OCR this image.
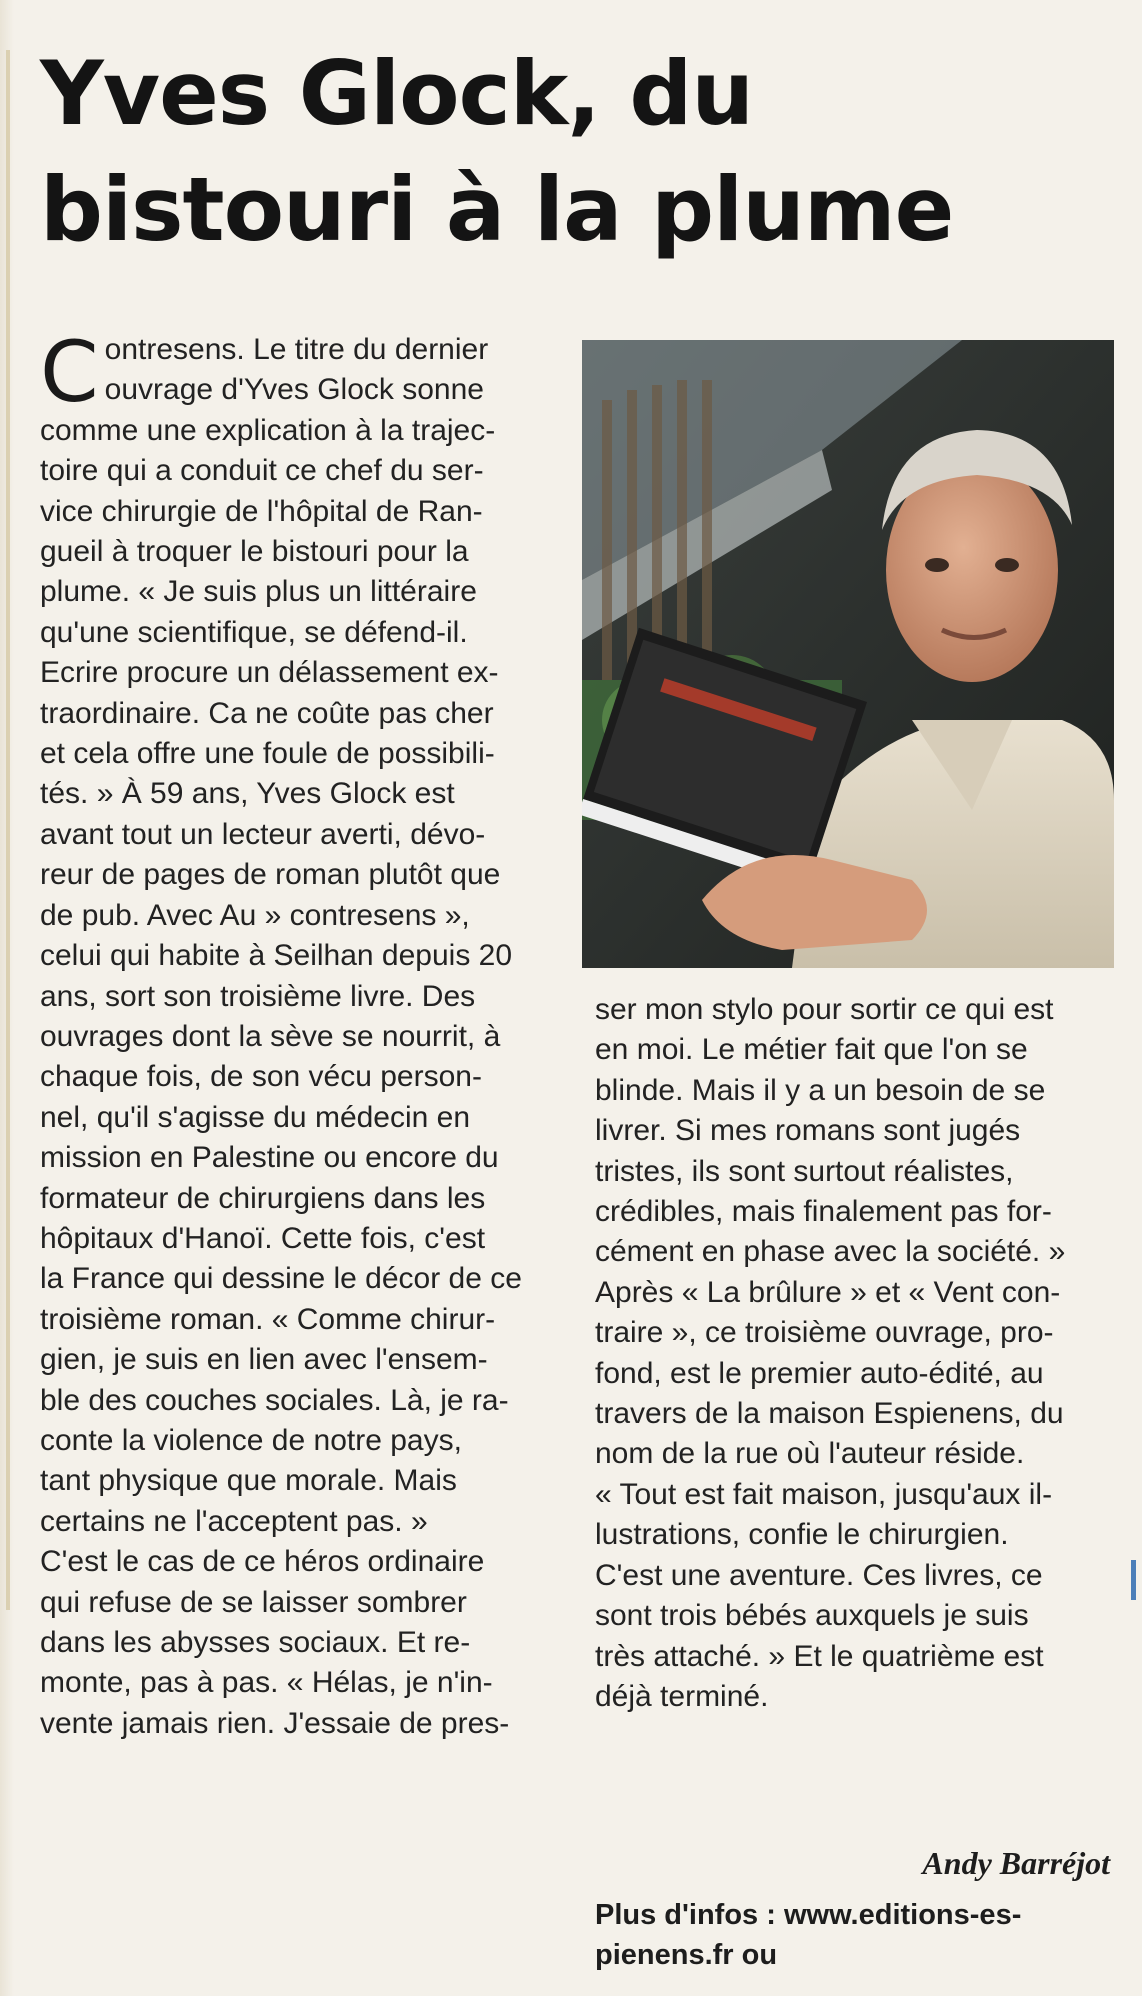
Yves Glock, du
bistouri à la plume
C ontresens. Le titre du dernier
ouvrage d'Yves Glock sonne
comme une explication à la trajec-
toire qui a conduit ce chef du ser-
vice chirurgie de l'hôpital de Ran-
gueil à troquer le bistouri pour la
plume. « Je suis plus un littéraire
qu'une scientifique, se défend-il.
Ecrire procure un délassement ex-
traordinaire. Ca ne coûte pas cher
et cela offre une foule de possibili-
tés. » À 59 ans, Yves Glock est
avant tout un lecteur averti, dévo-
reur de pages de roman plutôt que
de pub. Avec Au » contresens »,
celui qui habite à Seilhan depuis 20
ans, sort son troisième livre. Des
ouvrages dont la sève se nourrit, à
chaque fois, de son vécu person-
nel, qu'il s'agisse du médecin en
mission en Palestine ou encore du
formateur de chirurgiens dans les
hôpitaux d'Hanoï. Cette fois, c'est
la France qui dessine le décor de ce
troisième roman. « Comme chirur-
gien, je suis en lien avec l'ensem-
ble des couches sociales. Là, je ra-
conte la violence de notre pays,
tant physique que morale. Mais
certains ne l'acceptent pas. »
C'est le cas de ce héros ordinaire
qui refuse de se laisser sombrer
dans les abysses sociaux. Et re-
monte, pas à pas. « Hélas, je n'in-
vente jamais rien. J'essaie de pres-
ser mon stylo pour sortir ce qui est
en moi. Le métier fait que l'on se
blinde. Mais il y a un besoin de se
livrer. Si mes romans sont jugés
tristes, ils sont surtout réalistes,
crédibles, mais finalement pas for-
cément en phase avec la société. »
Après « La brûlure » et « Vent con-
traire », ce troisième ouvrage, pro-
fond, est le premier auto-édité, au
travers de la maison Espienens, du
nom de la rue où l'auteur réside.
« Tout est fait maison, jusqu'aux il-
lustrations, confie le chirurgien.
C'est une aventure. Ces livres, ce
sont trois bébés auxquels je suis
très attaché. » Et le quatrième est
déjà terminé.
Andy Barréjot
Plus d'infos : www.editions-es-
pienens.fr ou
